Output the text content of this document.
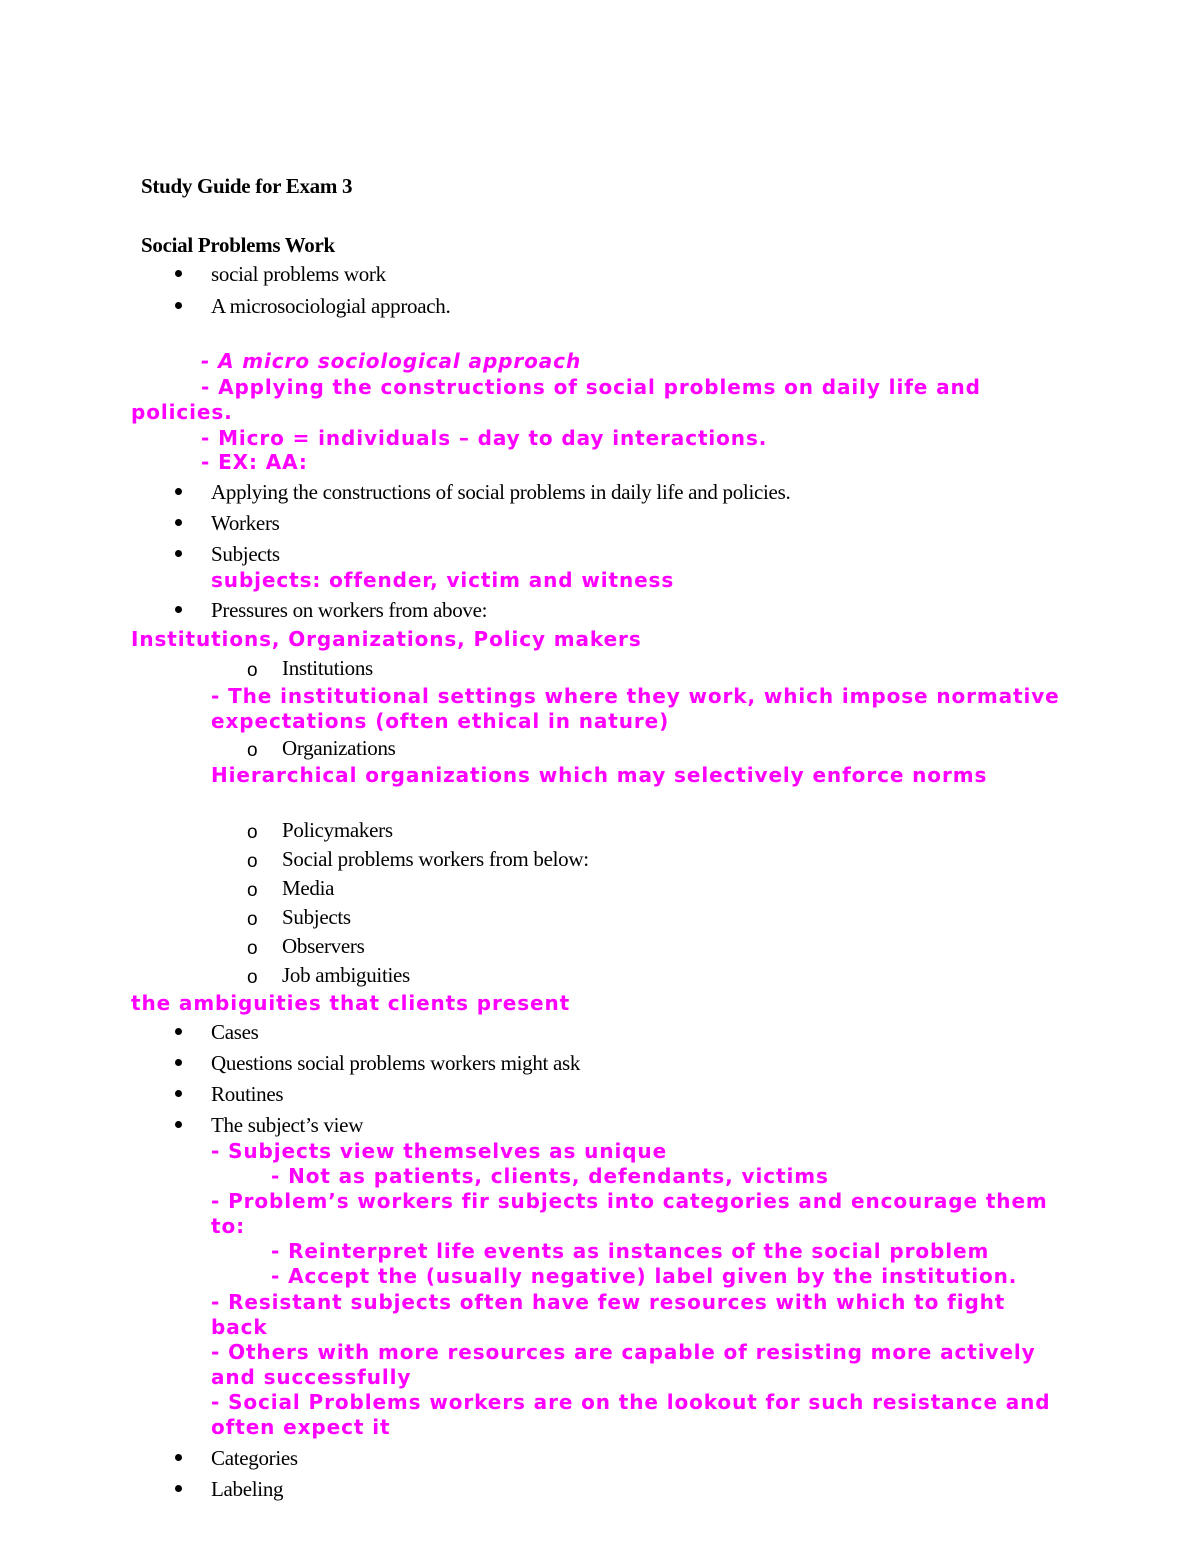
Study Guide for Exam 3
Social Problems Work
social problems work
A microsociologial approach.
- A micro sociological approach
- Applying the constructions of social problems on daily life and
policies.
- Micro = individuals – day to day interactions.
- EX: AA:
Applying the constructions of social problems in daily life and policies.
Workers
Subjects
subjects: offender, victim and witness
Pressures on workers from above:
Institutions, Organizations, Policy makers
o Institutions
- The institutional settings where they work, which impose normative
expectations (often ethical in nature)
o Organizations
Hierarchical organizations which may selectively enforce norms
o Policymakers
o Social problems workers from below:
o Media
o Subjects
o Observers
o Job ambiguities
the ambiguities that clients present
Cases
Questions social problems workers might ask
Routines
The subject’s view
- Subjects view themselves as unique
- Not as patients, clients, defendants, victims
- Problem’s workers fir subjects into categories and encourage them
to:
- Reinterpret life events as instances of the social problem
- Accept the (usually negative) label given by the institution.
- Resistant subjects often have few resources with which to fight
back
- Others with more resources are capable of resisting more actively
and successfully
- Social Problems workers are on the lookout for such resistance and
often expect it
Categories
Labeling
